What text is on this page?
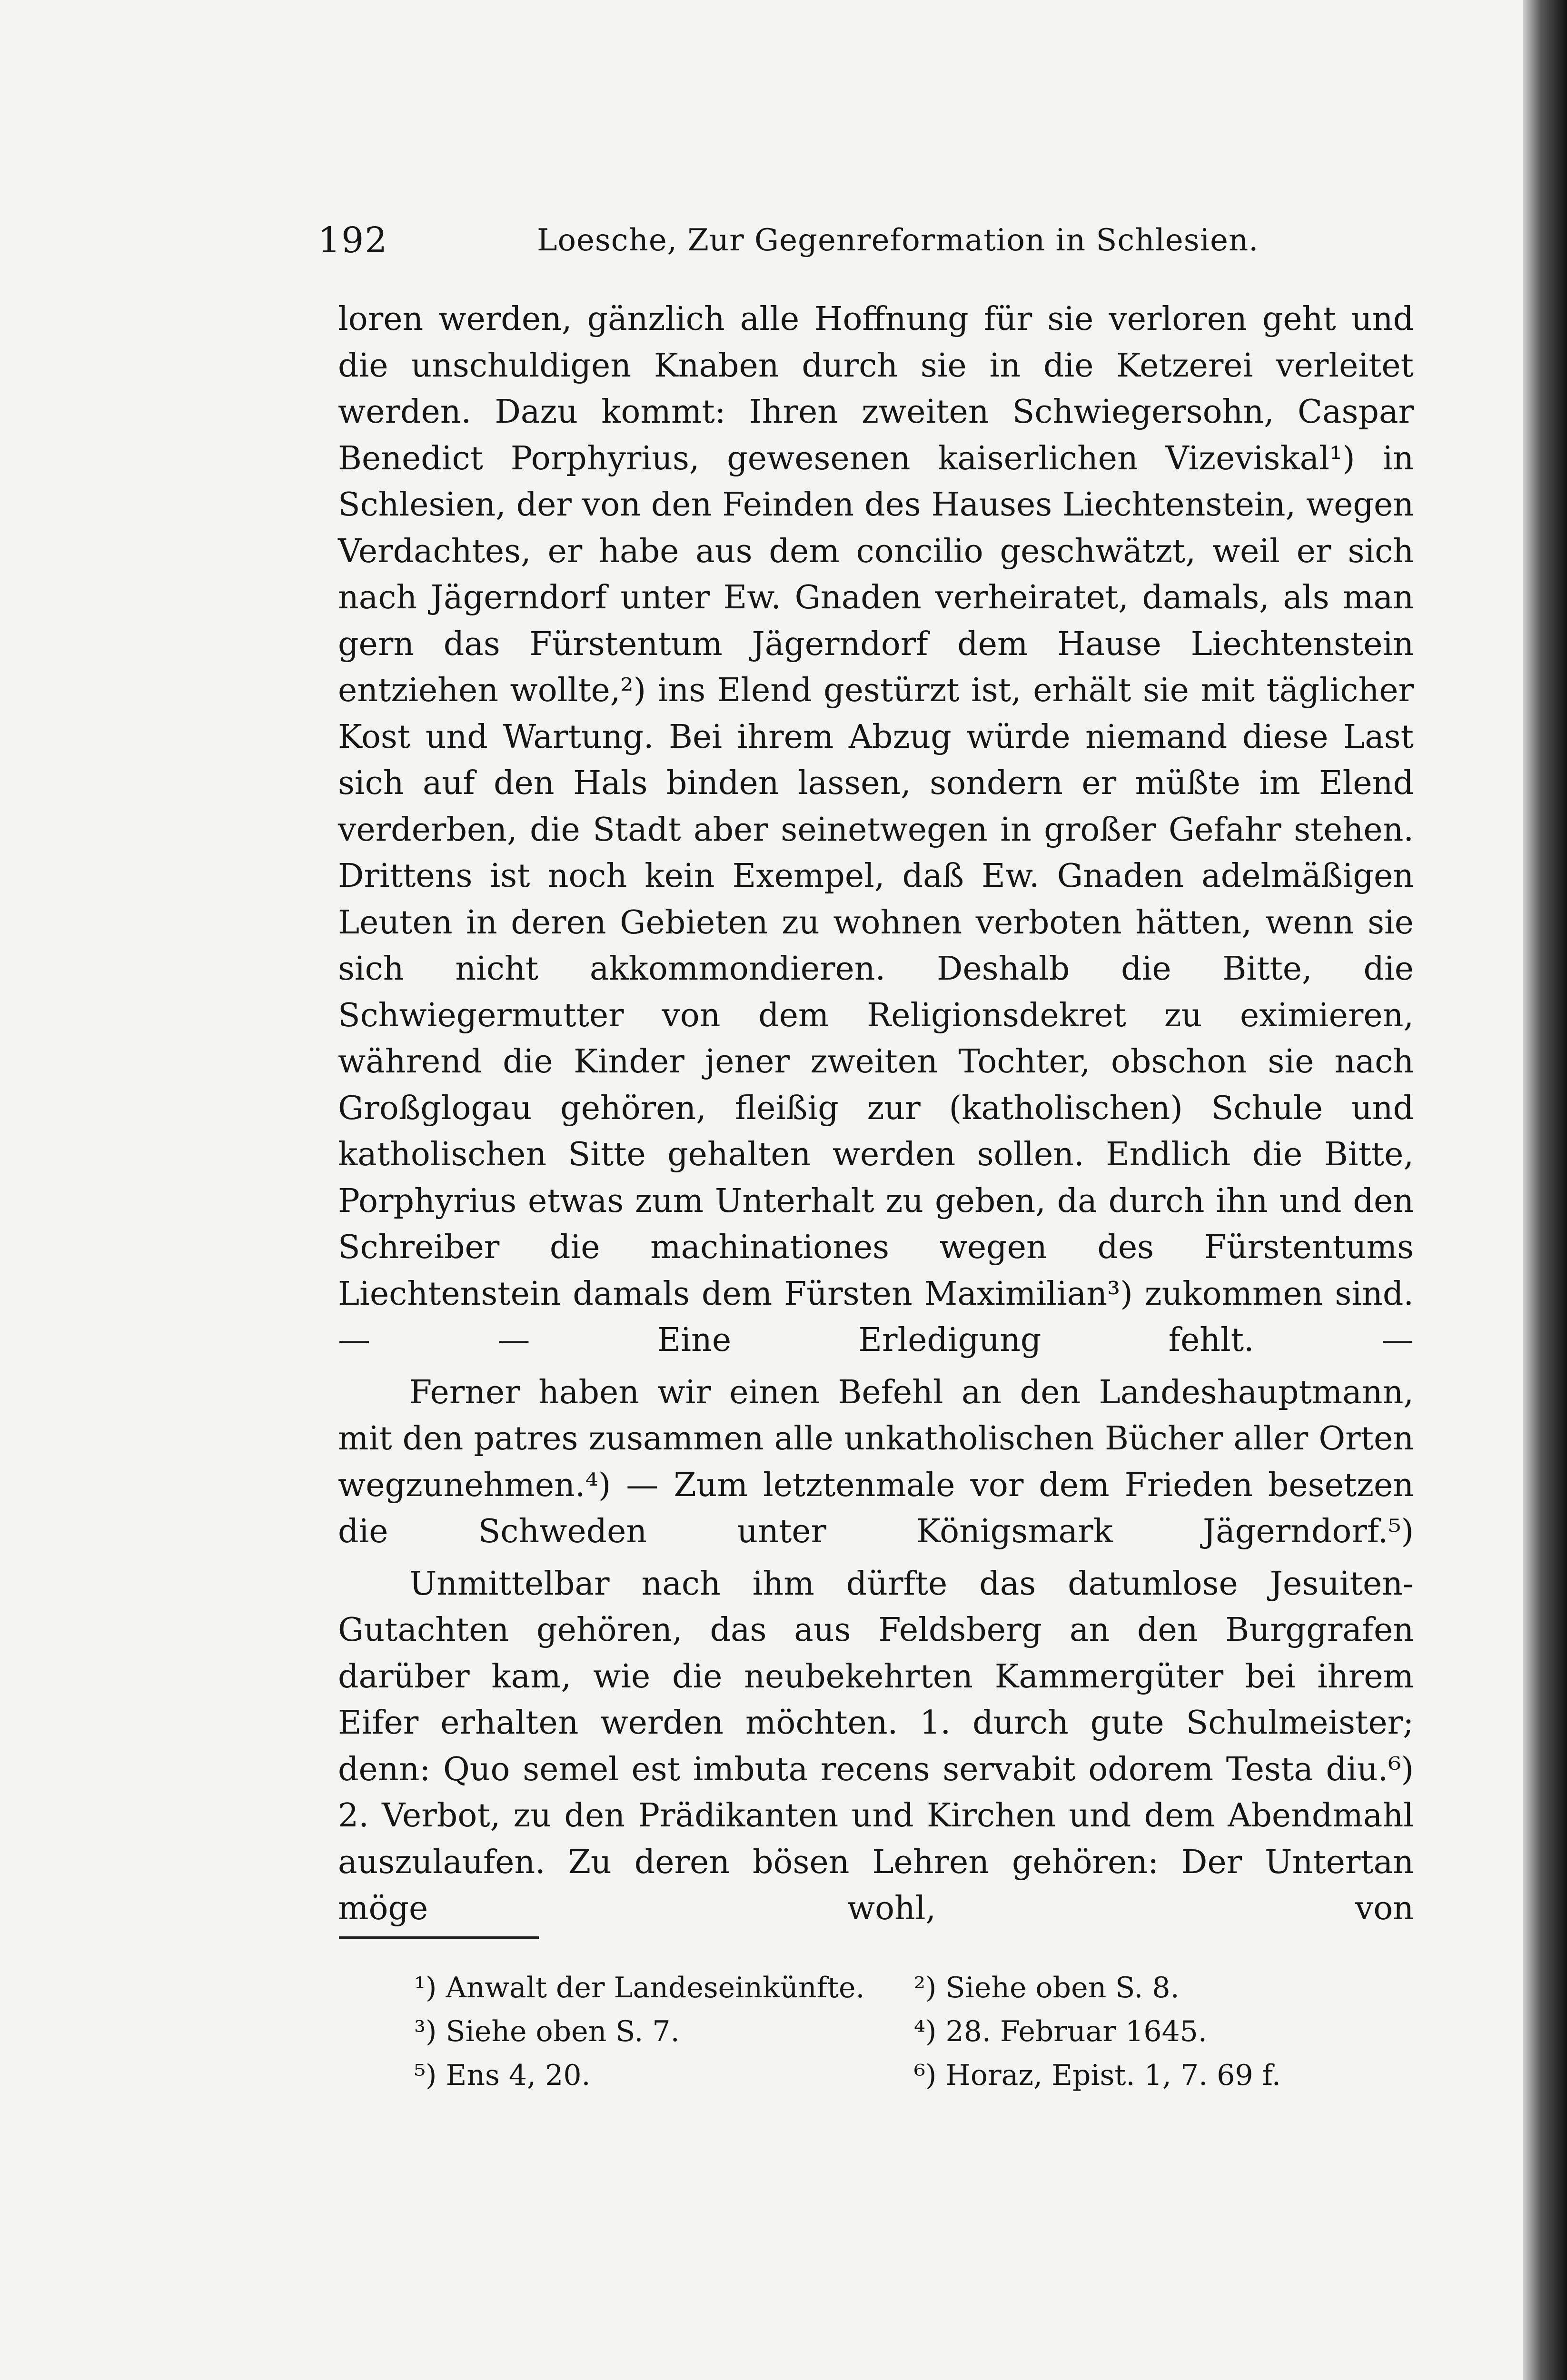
192	Loesche, Zur Gegenreformation in Schlesien.

loren werden, gänzlich alle Hoffnung für sie verloren geht und die unschuldigen Knaben durch sie in die Ketzerei verleitet werden. Dazu kommt: Ihren zweiten Schwiegersohn, Caspar Benedict Porphyrius, gewesenen kaiserlichen Vizeviskal¹) in Schlesien, der von den Feinden des Hauses Liechtenstein, wegen Verdachtes, er habe aus dem concilio geschwätzt, weil er sich nach Jägerndorf unter Ew. Gnaden verheiratet, damals, als man gern das Fürstentum Jägerndorf dem Hause Liechtenstein entziehen wollte,²) ins Elend gestürzt ist, erhält sie mit täglicher Kost und Wartung. Bei ihrem Abzug würde niemand diese Last sich auf den Hals binden lassen, sondern er müßte im Elend verderben, die Stadt aber seinetwegen in großer Gefahr stehen. Drittens ist noch kein Exempel, daß Ew. Gnaden adelmäßigen Leuten in deren Gebieten zu wohnen verboten hätten, wenn sie sich nicht akkommondieren. Deshalb die Bitte, die Schwiegermutter von dem Religionsdekret zu eximieren, während die Kinder jener zweiten Tochter, obschon sie nach Großglogau gehören, fleißig zur (katholischen) Schule und katholischen Sitte gehalten werden sollen. Endlich die Bitte, Porphyrius etwas zum Unterhalt zu geben, da durch ihn und den Schreiber die machinationes wegen des Fürstentums Liechtenstein damals dem Fürsten Maximilian³) zukommen sind. — — Eine Erledigung fehlt. —

Ferner haben wir einen Befehl an den Landeshauptmann, mit den patres zusammen alle unkatholischen Bücher aller Orten wegzunehmen.⁴) — Zum letztenmale vor dem Frieden besetzen die Schweden unter Königsmark Jägerndorf.⁵)

Unmittelbar nach ihm dürfte das datumlose Jesuiten-Gutachten gehören, das aus Feldsberg an den Burggrafen darüber kam, wie die neubekehrten Kammergüter bei ihrem Eifer erhalten werden möchten. 1. durch gute Schulmeister; denn: Quo semel est imbuta recens servabit odorem Testa diu.⁶) 2. Verbot, zu den Prädikanten und Kirchen und dem Abendmahl auszulaufen. Zu deren bösen Lehren gehören: Der Untertan möge wohl, von

¹) Anwalt der Landeseinkünfte.	²) Siehe oben S. 8.
³) Siehe oben S. 7.	⁴) 28. Februar 1645.
⁵) Ens 4, 20.	⁶) Horaz, Epist. 1, 7. 69 f.
